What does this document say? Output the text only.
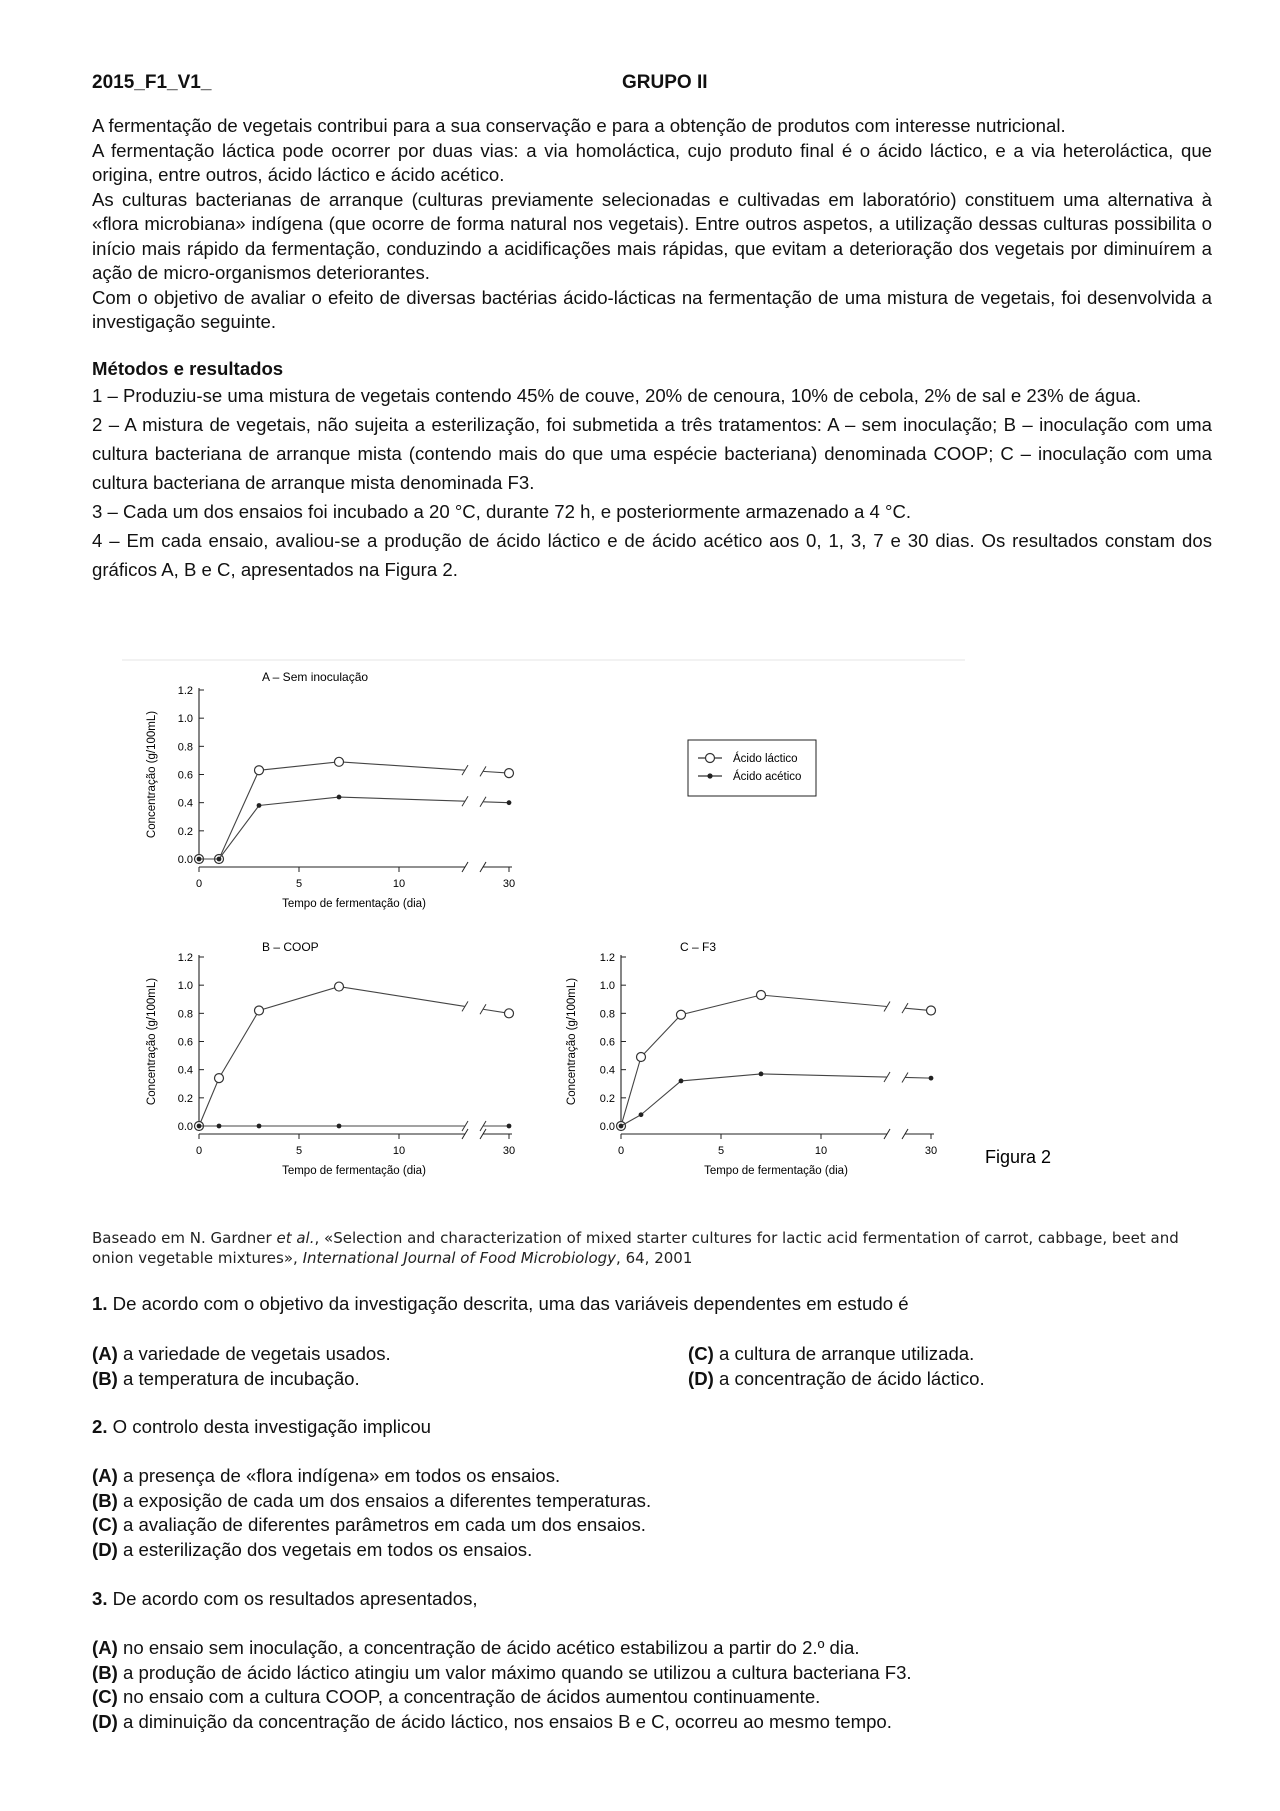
2015_F1_V1_	GRUPO II

A fermentação de vegetais contribui para a sua conservação e para a obtenção de produtos com interesse nutricional.

A fermentação láctica pode ocorrer por duas vias: a via homoláctica, cujo produto final é o ácido láctico, e a via heteroláctica, que origina, entre outros, ácido láctico e ácido acético.

As culturas bacterianas de arranque (culturas previamente selecionadas e cultivadas em laboratório) constituem uma alternativa à «flora microbiana» indígena (que ocorre de forma natural nos vegetais). Entre outros aspetos, a utilização dessas culturas possibilita o início mais rápido da fermentação, conduzindo a acidificações mais rápidas, que evitam a deterioração dos vegetais por diminuírem a ação de micro-organismos deteriorantes.

Com o objetivo de avaliar o efeito de diversas bactérias ácido-lácticas na fermentação de uma mistura de vegetais, foi desenvolvida a investigação seguinte.

Métodos e resultados

1 – Produziu-se uma mistura de vegetais contendo 45% de couve, 20% de cenoura, 10% de cebola, 2% de sal e 23% de água.

2 – A mistura de vegetais, não sujeita a esterilização, foi submetida a três tratamentos: A – sem inoculação; B – inoculação com uma cultura bacteriana de arranque mista (contendo mais do que uma espécie bacteriana) denominada COOP; C – inoculação com uma cultura bacteriana de arranque mista denominada F3.

3 – Cada um dos ensaios foi incubado a 20 °C, durante 72 h, e posteriormente armazenado a 4 °C.

4 – Em cada ensaio, avaliou-se a produção de ácido láctico e de ácido acético aos 0, 1, 3, 7 e 30 dias. Os resultados constam dos gráficos A, B e C, apresentados na Figura 2.

A – Sem inoculação
0.0
0.2
0.4
0.6
0.8
1.0
1.2
0	5	10	30
Tempo de fermentação (dia)
Concentração (g/100mL)
B – COOP
0.0
0.2
0.4
0.6
0.8
1.0
1.2
0	5	10	30
Tempo de fermentação (dia)
Concentração (g/100mL)
C – F3
0.0
0.2
0.4
0.6
0.8
1.0
1.2
0	5	10	30
Tempo de fermentação (dia)
Concentração (g/100mL)
Ácido láctico
Ácido acético
Figura 2
Baseado em N. Gardner et al., «Selection and characterization of mixed starter cultures for lactic acid fermentation of carrot, cabbage, beet and onion vegetable mixtures», International Journal of Food Microbiology, 64, 2001
1. De acordo com o objetivo da investigação descrita, uma das variáveis dependentes em estudo é
(A) a variedade de vegetais usados.
(B) a temperatura de incubação.
(C) a cultura de arranque utilizada.
(D) a concentração de ácido láctico.
2. O controlo desta investigação implicou
(A) a presença de «flora indígena» em todos os ensaios.
(B) a exposição de cada um dos ensaios a diferentes temperaturas.
(C) a avaliação de diferentes parâmetros em cada um dos ensaios.
(D) a esterilização dos vegetais em todos os ensaios.
3. De acordo com os resultados apresentados,
(A) no ensaio sem inoculação, a concentração de ácido acético estabilizou a partir do 2.º dia.
(B) a produção de ácido láctico atingiu um valor máximo quando se utilizou a cultura bacteriana F3.
(C) no ensaio com a cultura COOP, a concentração de ácidos aumentou continuamente.
(D) a diminuição da concentração de ácido láctico, nos ensaios B e C, ocorreu ao mesmo tempo.
